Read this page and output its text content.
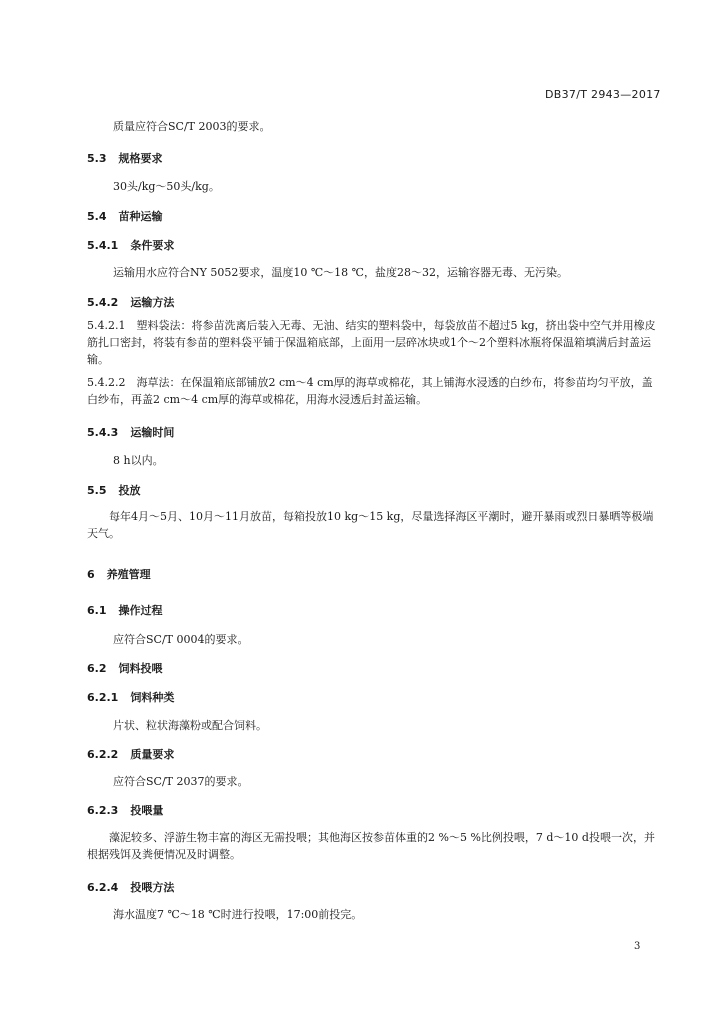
DB37/T 2943—2017
质量应符合SC/T 2003的要求。
5.3 规格要求
30头/kg～50头/kg。
5.4 苗种运输
5.4.1 条件要求
运输用水应符合NY 5052要求，温度10 ℃～18 ℃，盐度28～32，运输容器无毒、无污染。
5.4.2 运输方法
5.4.2.1　塑料袋法：将参苗洗离后装入无毒、无油、结实的塑料袋中，每袋放苗不超过5 kg，挤出袋中空气并用橡皮筋扎口密封，将装有参苗的塑料袋平铺于保温箱底部，上面用一层碎冰块或1个～2个塑料冰瓶将保温箱填满后封盖运输。
5.4.2.2　海草法：在保温箱底部铺放2 cm～4 cm厚的海草或棉花，其上铺海水浸透的白纱布，将参苗均匀平放，盖白纱布，再盖2 cm～4 cm厚的海草或棉花，用海水浸透后封盖运输。
5.4.3 运输时间
8 h以内。
5.5 投放
　　每年4月～5月、10月～11月放苗，每箱投放10 kg～15 kg，尽量选择海区平潮时，避开暴雨或烈日暴晒等极端天气。
6 养殖管理
6.1 操作过程
应符合SC/T 0004的要求。
6.2 饲料投喂
6.2.1 饲料种类
片状、粒状海藻粉或配合饲料。
6.2.2 质量要求
应符合SC/T 2037的要求。
6.2.3 投喂量
　　藻泥较多、浮游生物丰富的海区无需投喂；其他海区按参苗体重的2 %～5 %比例投喂，7 d～10 d投喂一次，并根据残饵及粪便情况及时调整。
6.2.4 投喂方法
海水温度7 ℃～18 ℃时进行投喂，17:00前投完。
3
